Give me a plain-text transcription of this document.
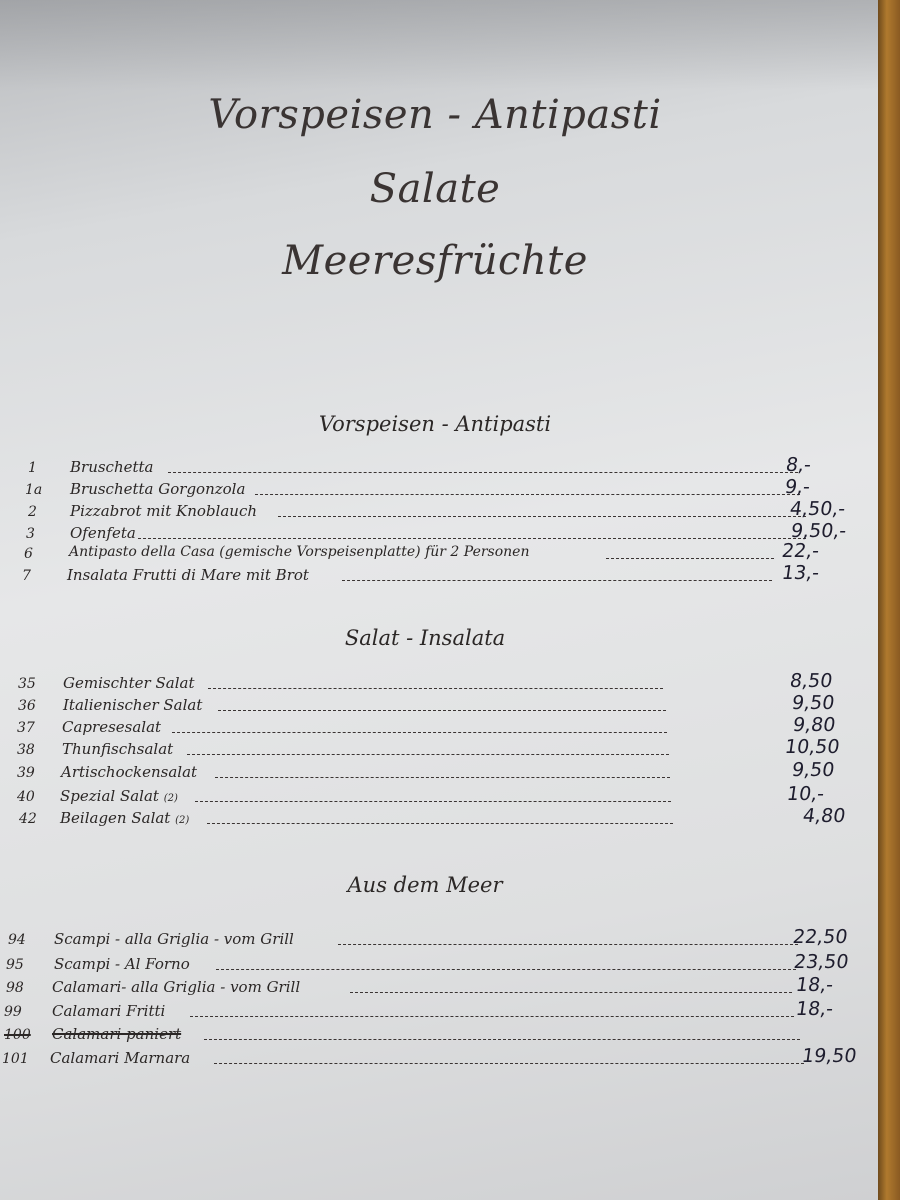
Vorspeisen - Antipasti
Salate
Meeresfrüchte
Vorspeisen - Antipasti
1 Bruschetta	8,-
1a Bruschetta Gorgonzola	9,-
2 Pizzabrot mit Knoblauch	4,50,-
3 Ofenfeta	9,50,-
6	Antipasto della Casa (gemische Vorspeisenplatte) für 2 Personen	22,-
7 Insalata Frutti di Mare mit Brot	13,-
Salat - Insalata
35 Gemischter Salat	8,50
36 Italienischer Salat	9,50
37 Capresesalat	9,80
38 Thunfischsalat	10,50
39 Artischockensalat	9,50
40 Spezial Salat (2)	10,-
42 Beilagen Salat (2)	4,80
Aus dem Meer
94 Scampi - alla Griglia - vom Grill	22,50
95 Scampi - Al Forno	23,50
98 Calamari- alla Griglia - vom Grill	18,-
99 Calamari Fritti	18,-
100 Calamari paniert
101 Calamari Marnara	19,50
